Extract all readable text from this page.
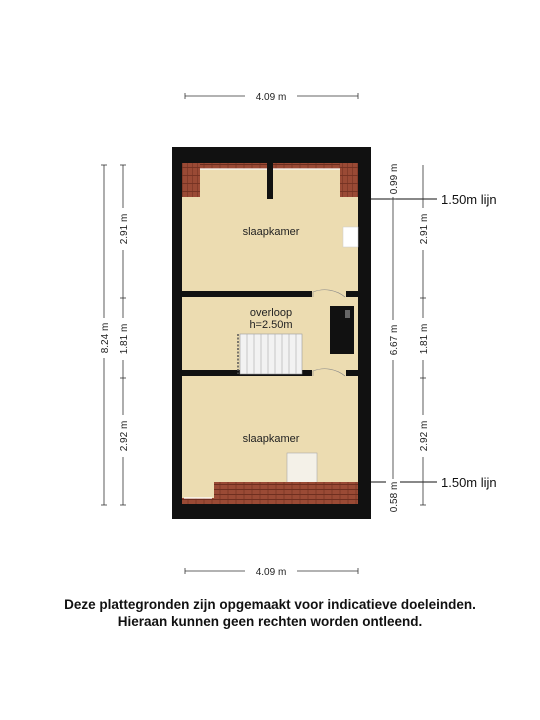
4.09 m
4.09 m
8.24 m
2.91 m
1.81 m
2.92 m
1.50m lijn
1.50m lijn
0.99 m
6.67 m
0.58 m
2.91 m
1.81 m
2.92 m
slaapkamer
overloop
h=2.50m
slaapkamer
Deze plattegronden zijn opgemaakt voor indicatieve doeleinden.
Hieraan kunnen geen rechten worden ontleend.
